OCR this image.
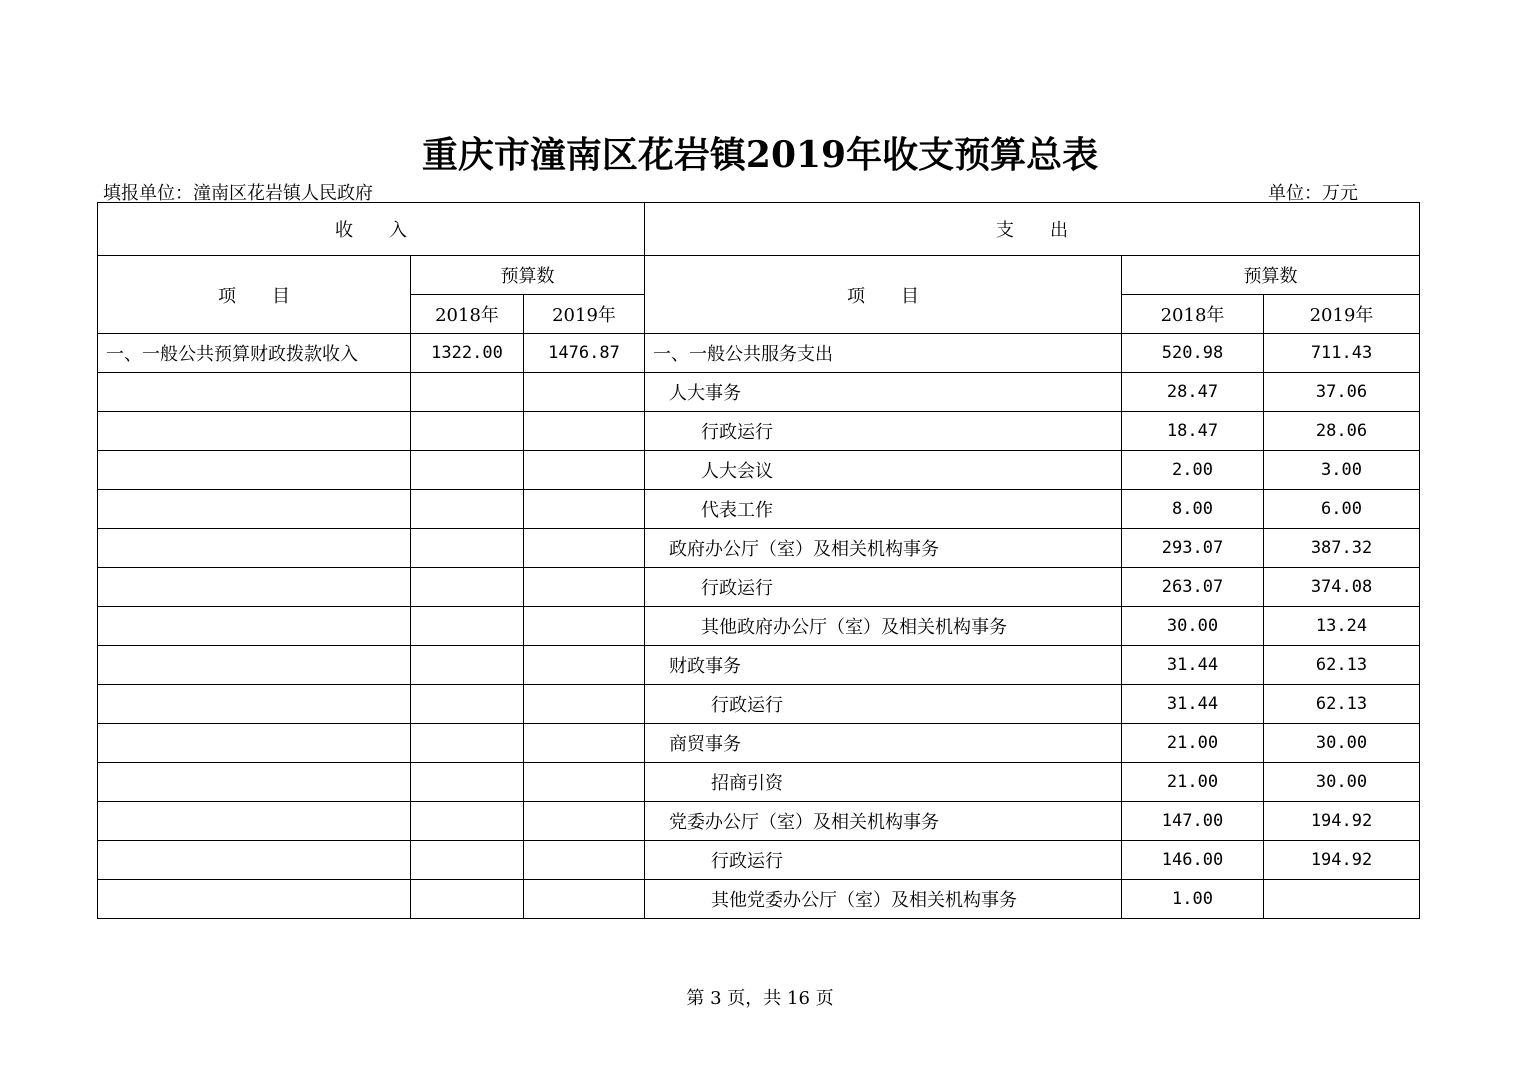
重庆市潼南区花岩镇2019年收支预算总表
填报单位：潼南区花岩镇人民政府	单位：万元
收　　入			支　　出		
项　　目	预算数		项　　目	预算数	
	2018年	2019年		2018年	2019年
一、一般公共预算财政拨款收入	1322.00	1476.87	一、一般公共服务支出	520.98	711.43
			人大事务	28.47	37.06
			行政运行	18.47	28.06
			人大会议	2.00	3.00
			代表工作	8.00	6.00
			政府办公厅（室）及相关机构事务	293.07	387.32
			行政运行	263.07	374.08
			其他政府办公厅（室）及相关机构事务	30.00	13.24
			财政事务	31.44	62.13
			行政运行	31.44	62.13
			商贸事务	21.00	30.00
			招商引资	21.00	30.00
			党委办公厅（室）及相关机构事务	147.00	194.92
			行政运行	146.00	194.92
			其他党委办公厅（室）及相关机构事务	1.00	
第 3 页，共 16 页
